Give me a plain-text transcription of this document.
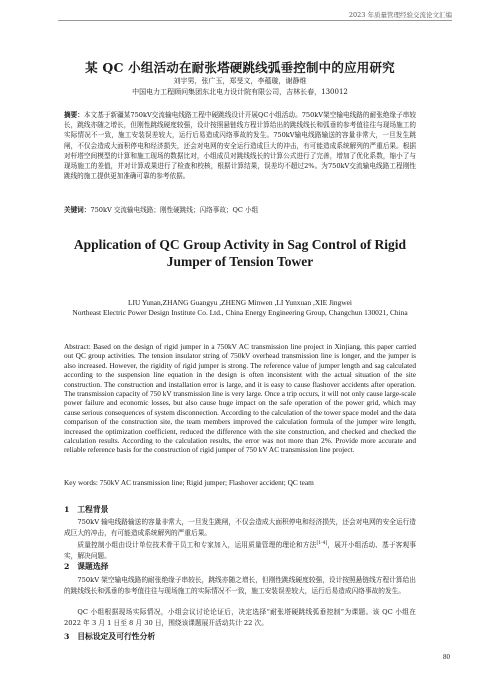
2023 年质量管理经验交流论文汇编
某 QC 小组活动在耐张塔硬跳线弧垂控制中的应用研究
刘宇男，张广玉，郑旻文，李蕴璇，谢静维
中国电力工程顾问集团东北电力设计院有限公司，吉林长春，130012
摘要：本文基于新疆某750kV交流输电线路工程中硬跳线设计开展QC小组活动。750kV架空输电线路的耐张绝缘子串较长，跳线亦随之增长，但刚性跳线硬度较强，设计按照悬链线方程计算给出的跳线线长和弧垂的参考值往往与现场施工的实际情况不一致，施工安装误差较大，运行后易造成闪络事故的发生。750kV输电线路输送的容量非常大，一旦发生跳闸，不仅会造成大面积停电和经济损失，还会对电网的安全运行造成巨大的冲击，有可能造成系统解列的严重后果。根据对杆塔空间模型的计算和施工现场的数据比对，小组成员对跳线线长的计算公式进行了完善，增加了优化系数，缩小了与现场施工的差值，并对计算成果进行了检查和校核，根据计算结果，误差均不超过2%。为750kV交流输电线路工程刚性跳线的施工提供更加准确可靠的参考依据。
关键词：750kV 交流输电线路；刚性硬跳线；闪络事故；QC 小组
Application of QC Group Activity in Sag Control of Rigid Jumper of Tension Tower
LIU Yunan,ZHANG Guangyu ,ZHENG Minwen ,LI Yunxuan ,XIE Jingwei
Northeast Electric Power Design Institute Co. Ltd., China Energy Engineering Group, Changchun 130021, China
Abstract: Based on the design of rigid jumper in a 750kV AC transmission line project in Xinjiang, this paper carried out QC group activities. The tension insulator string of 750kV overhead transmission line is longer, and the jumper is also increased. However, the rigidity of rigid jumper is strong. The reference value of jumper length and sag calculated according to the suspension line equation in the design is often inconsistent with the actual situation of the site construction. The construction and installation error is large, and it is easy to cause flashover accidents after operation. The transmission capacity of 750 kV transmission line is very large. Once a trip occurs, it will not only cause large-scale power failure and economic losses, but also cause huge impact on the safe operation of the power grid, which may cause serious consequences of system disconnection. According to the calculation of the tower space model and the data comparison of the construction site, the team members improved the calculation formula of the jumper wire length, increased the optimization coefficient, reduced the difference with the site construction, and checked and checked the calculation results. According to the calculation results, the error was not more than 2%. Provide more accurate and reliable reference basis for the construction of rigid jumper of 750 kV AC transmission line project.
Key words: 750kV AC transmission line; Rigid jumper; Flashover accident; QC team
1　工程背景
750kV 输电线路输送的容量非常大，一旦发生跳闸，不仅会造成大面积停电和经济损失，还会对电网的安全运行造成巨大的冲击，有可能造成系统解列的严重后果。
质量控制小组由设计单位技术骨干员工和专家加入，运用质量管理的理论和方法[1-4]，展开小组活动、基于客观事实，解决问题。
2　课题选择
750kV 架空输电线路的耐张绝缘子串较长，跳线亦随之增长，但刚性跳线硬度较强，设计按照悬链线方程计算给出的跳线线长和弧垂的参考值往往与现场施工的实际情况不一致，施工安装误差较大，运行后易造成闪络事故的发生。
QC 小组根据现场实际情况，小组会议讨论论证后，决定选择“耐张塔硬跳线弧垂控制”为课题。该 QC 小组在 2022 年 3 月 1 日至 8 月 30 日，围绕该课题展开活动共计 22 次。
3　目标设定及可行性分析
80
